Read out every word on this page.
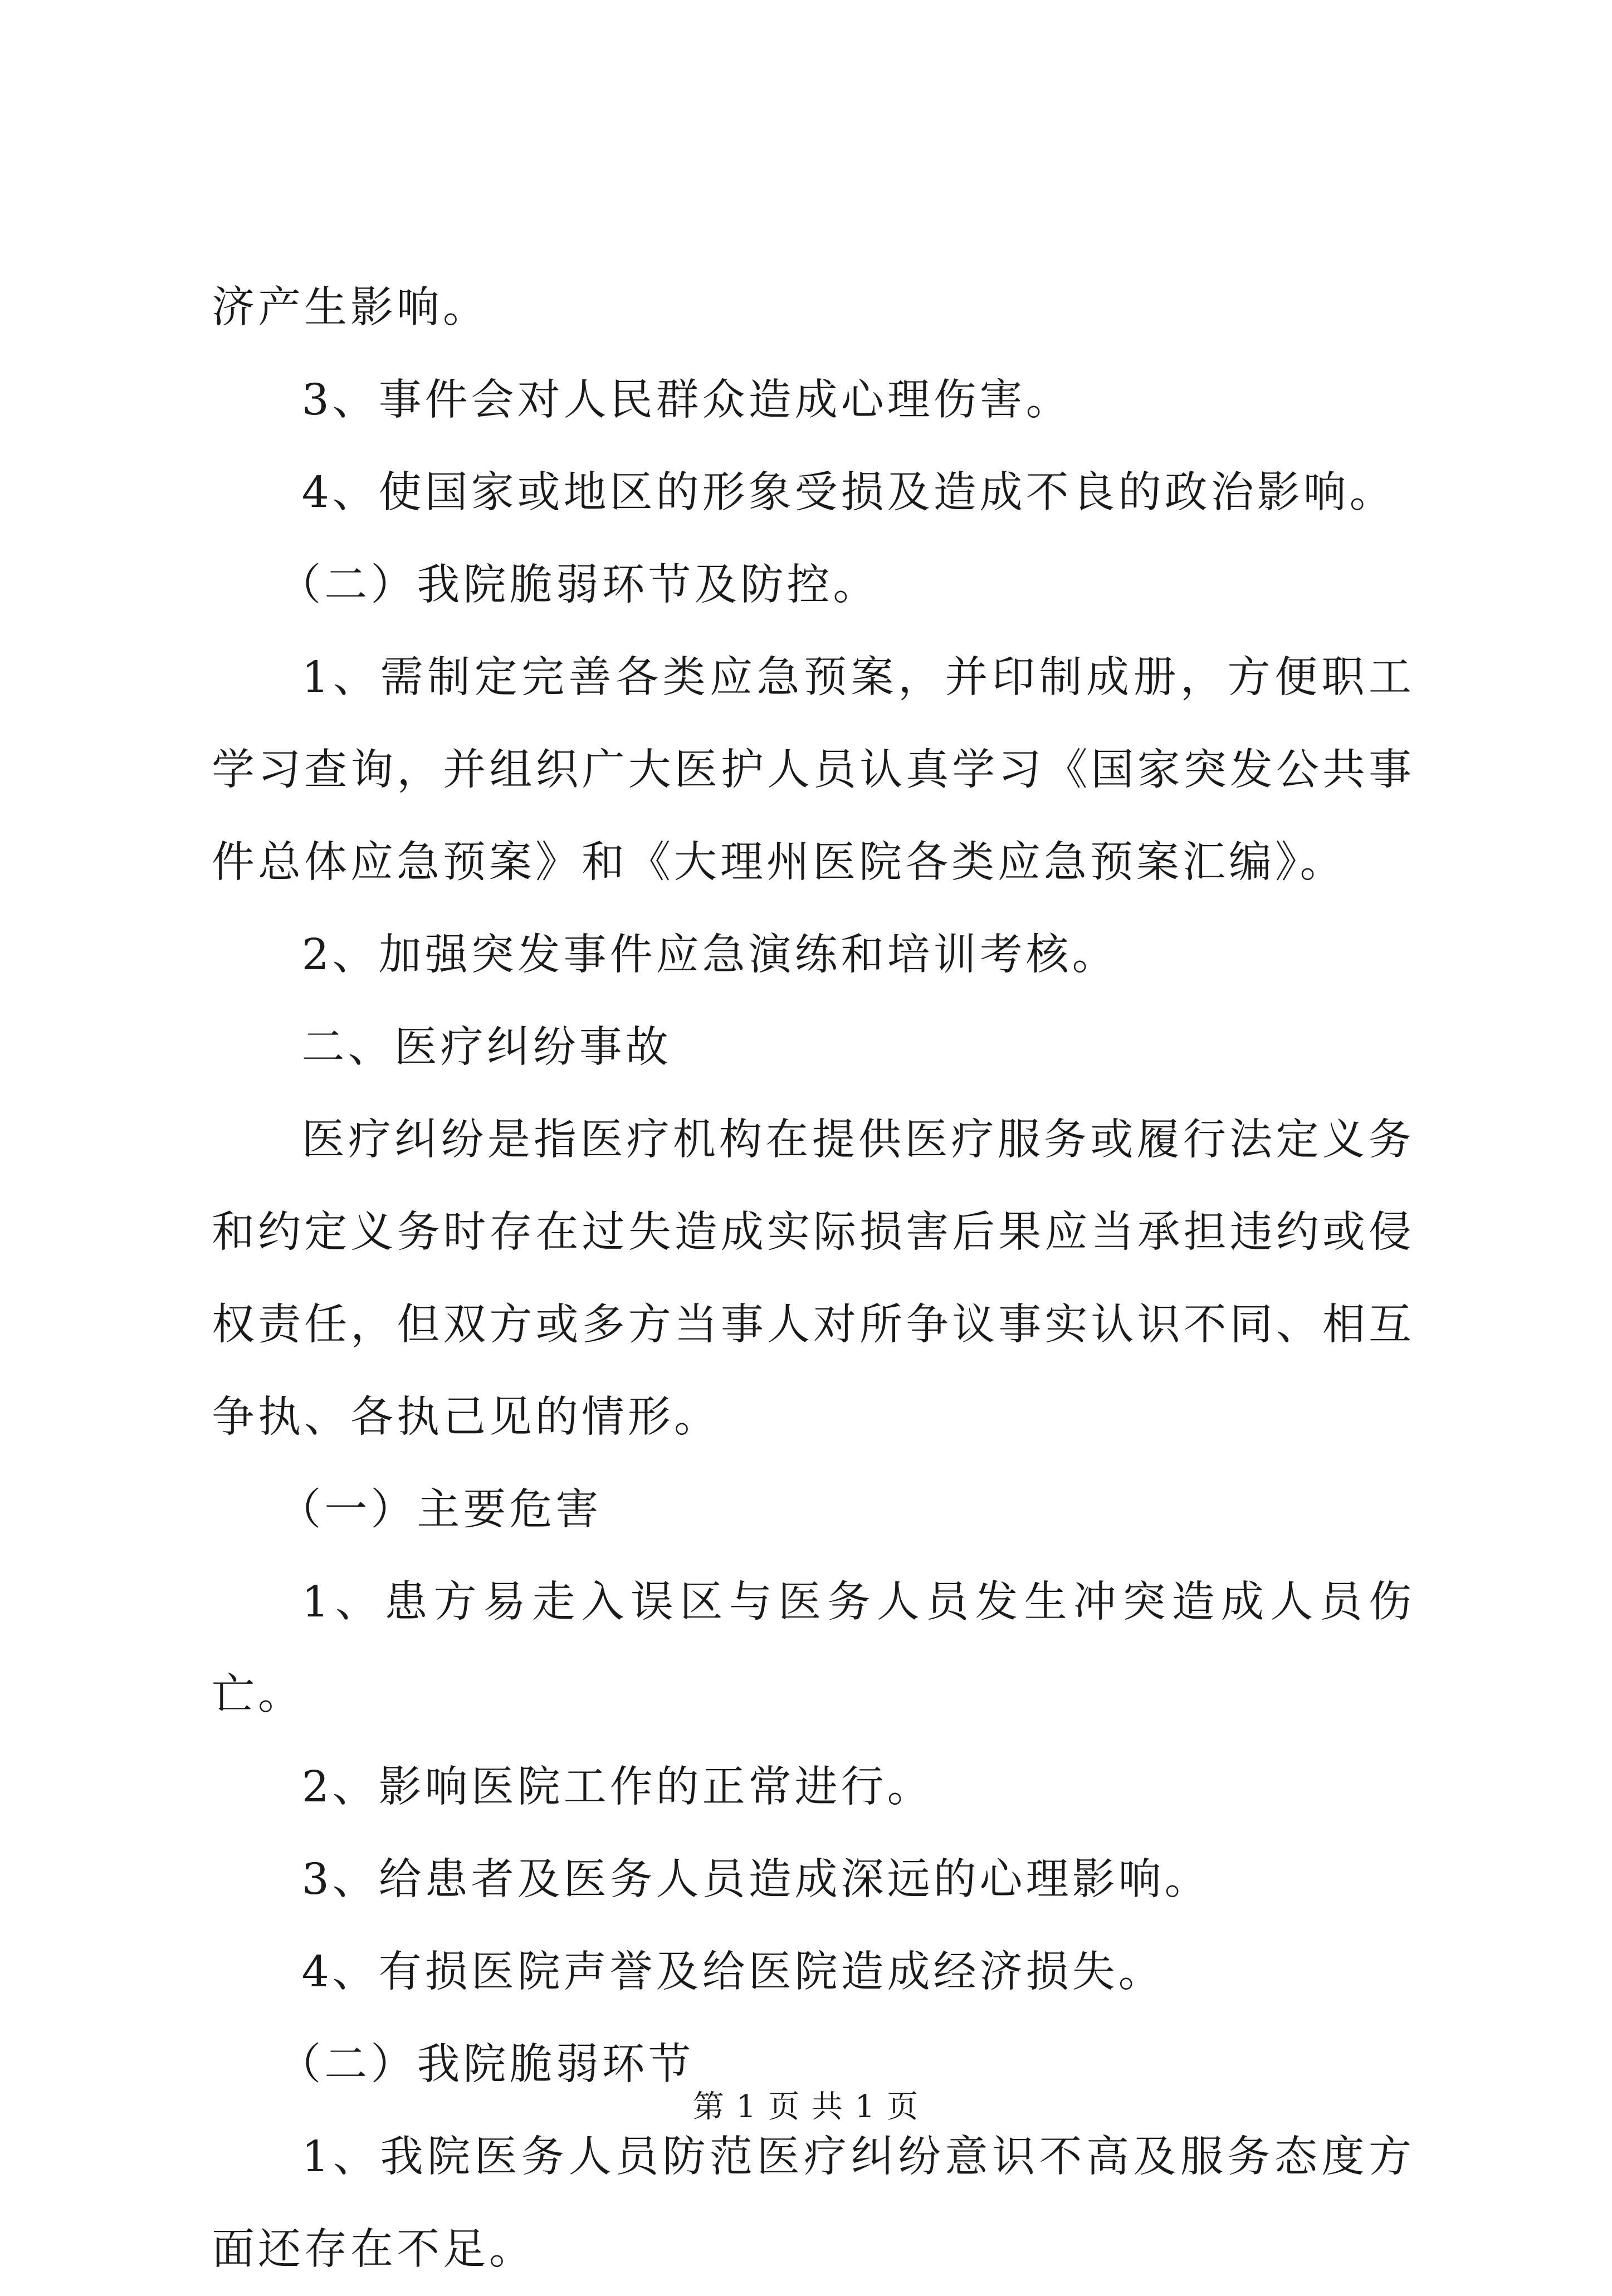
济产生影响。

3、事件会对人民群众造成心理伤害。

4、使国家或地区的形象受损及造成不良的政治影响。

（二）我院脆弱环节及防控。

1、需制定完善各类应急预案，并印制成册，方便职工学习查询，并组织广大医护人员认真学习《国家突发公共事件总体应急预案》和《大理州医院各类应急预案汇编》。

2、加强突发事件应急演练和培训考核。

二、医疗纠纷事故

医疗纠纷是指医疗机构在提供医疗服务或履行法定义务和约定义务时存在过失造成实际损害后果应当承担违约或侵权责任，但双方或多方当事人对所争议事实认识不同、相互争执、各执己见的情形。

（一）主要危害

1、患方易走入误区与医务人员发生冲突造成人员伤亡。

2、影响医院工作的正常进行。

3、给患者及医务人员造成深远的心理影响。

4、有损医院声誉及给医院造成经济损失。

（二）我院脆弱环节

1、我院医务人员防范医疗纠纷意识不高及服务态度方面还存在不足。

第 1 页 共 1 页
